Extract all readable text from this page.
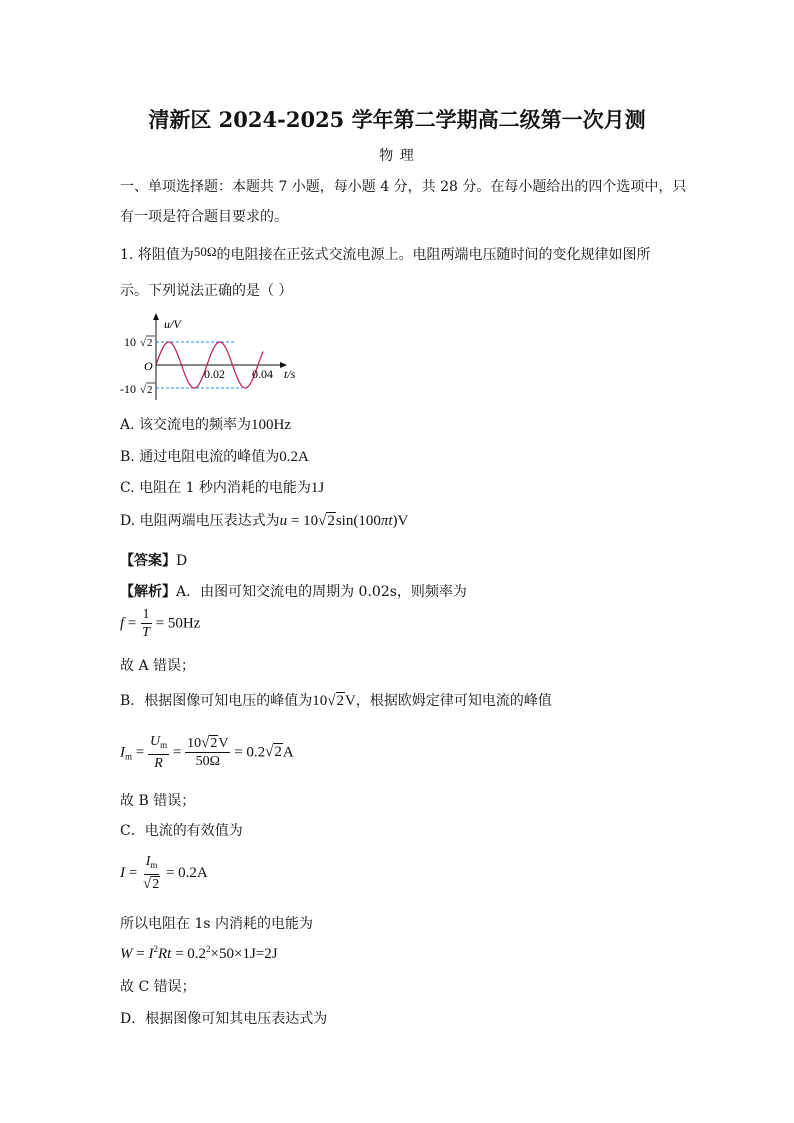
清新区 2024-2025 学年第二学期高二级第一次月测
物 理
一、单项选择题：本题共 7 小题，每小题 4 分，共 28 分。在每小题给出的四个选项中，只
有一项是符合题目要求的。
1. 将阻值为50Ω的电阻接在正弦式交流电源上。电阻两端电压随时间的变化规律如图所
示。下列说法正确的是（ ）
u/V
O
10 √ 2
-10 √ 2
0.02 0.04 t/s
A. 该交流电的频率为100Hz
B. 通过电阻电流的峰值为0.2A
C. 电阻在 1 秒内消耗的电能为1J
D. 电阻两端电压表达式为u = 10√2sin(100πt)V
【答案】D
【解析】A．由图可知交流电的周期为 0.02s，则频率为
$f = \frac{1}{T} = 50Hz$
故 A 错误；
B．根据图像可知电压的峰值为10√2V，根据欧姆定律可知电流的峰值
$I_m = \frac{U_m}{R} = \frac{10√2V}{50\Omega} = 0.2√2A$
故 B 错误；
C．电流的有效值为
$I = \frac{I_m}{√2} = 0.2A$
所以电阻在 1s 内消耗的电能为
$W = I^2Rt = 0.2^2\times 50\times 1J=2J$
故 C 错误；
D．根据图像可知其电压表达式为
